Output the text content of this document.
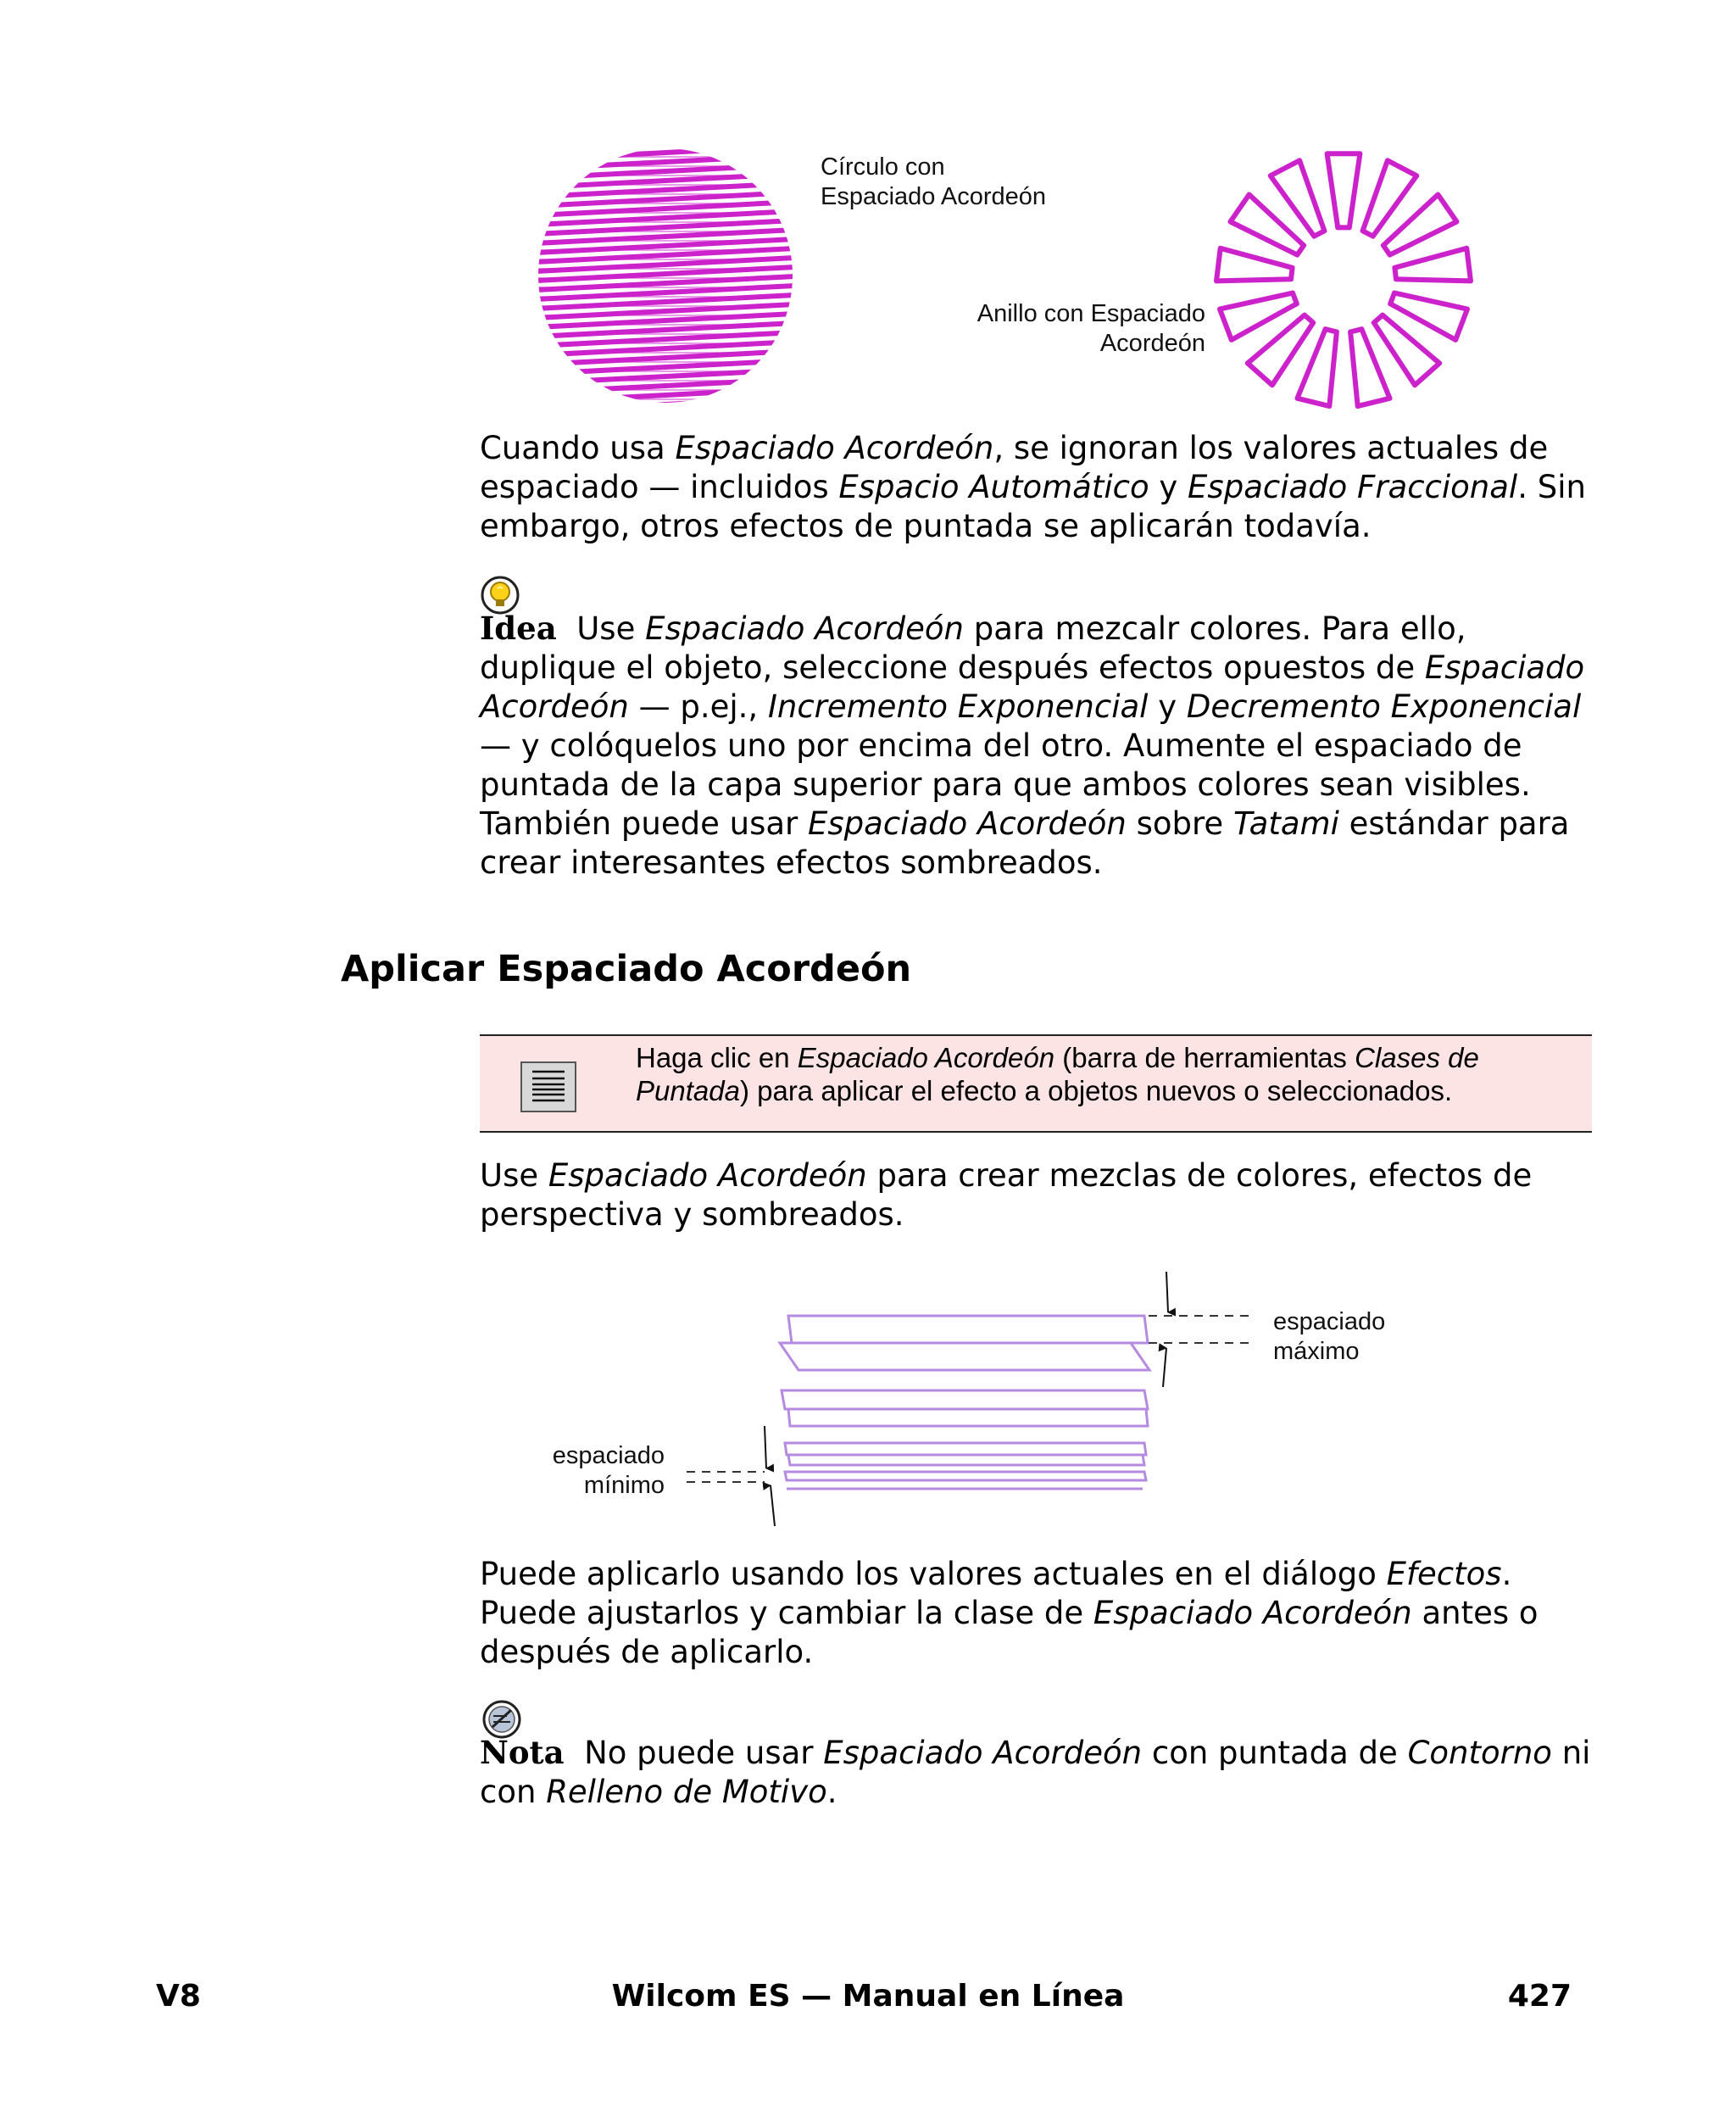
Círculo con
Espaciado Acordeón
Anillo con Espaciado
Acordeón
Cuando usa Espaciado Acordeón, se ignoran los valores actuales de espaciado — incluidos Espacio Automático y Espaciado Fraccional. Sin embargo, otros efectos de puntada se aplicarán todavía.
Idea  Use Espaciado Acordeón para mezcalr colores. Para ello, duplique el objeto, seleccione después efectos opuestos de Espaciado Acordeón — p.ej., Incremento Exponencial y Decremento Exponencial — y colóquelos uno por encima del otro. Aumente el espaciado de puntada de la capa superior para que ambos colores sean visibles. También puede usar Espaciado Acordeón sobre Tatami estándar para crear interesantes efectos sombreados.
Aplicar Espaciado Acordeón
Haga clic en Espaciado Acordeón (barra de herramientas Clases de Puntada) para aplicar el efecto a objetos nuevos o seleccionados.
Use Espaciado Acordeón para crear mezclas de colores, efectos de perspectiva y sombreados.
espaciado
máximo
espaciado
mínimo
Puede aplicarlo usando los valores actuales en el diálogo Efectos. Puede ajustarlos y cambiar la clase de Espaciado Acordeón antes o después de aplicarlo.
Nota  No puede usar Espaciado Acordeón con puntada de Contorno ni con Relleno de Motivo.
V8	Wilcom ES — Manual en Línea	427
